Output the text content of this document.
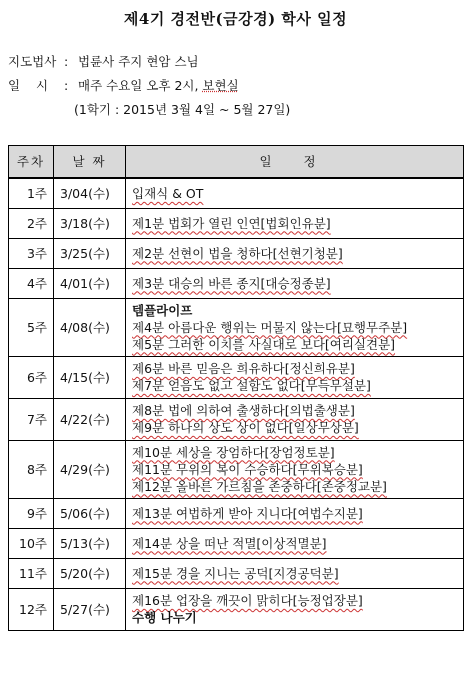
제4기 경전반(금강경) 학사 일정
지도법사 : 법륜사 주지 현암 스님
일 시 : 매주 수요일 오후 2시, 보현실
(1학기 : 2015년 3월 4일 ~ 5월 27일)
주차	날 짜	일 정
1주	3/04(수)	입재식 & OT

2주	3/18(수)	제1분 법회가 열린 인연[법회인유분]

3주	3/25(수)	제2분 선현이 법을 청하다[선현기청분]

4주	4/01(수)	제3분 대승의 바른 종지[대승정종분]

5주	4/08(수)	템플라이프
제4분 아름다운 행위는 머물지 않는다[묘행무주분]
제5분 그러한 이치를 사실대로 보다[여리실견분]

6주	4/15(수)	제6분 바른 믿음은 희유하다[정신희유분]
제7분 얻음도 없고 설함도 없다[무득무설분]

7주	4/22(수)	제8분 법에 의하여 출생하다[의법출생분]
제9분 하나의 상도 상이 없다[일상무상분]

8주	4/29(수)	제10분 세상을 장엄하다[장엄정토분]
제11분 무위의 복이 수승하다[무위복승분]
제12분 올바른 가르침을 존중하다[존중정교분]

9주	5/06(수)	제13분 여법하게 받아 지니다[여법수지분]

10주	5/13(수)	제14분 상을 떠난 적멸[이상적멸분]

11주	5/20(수)	제15분 경을 지니는 공덕[지경공덕분]

12주	5/27(수)	제16분 업장을 깨끗이 맑히다[능정업장분]
수행 나누기
